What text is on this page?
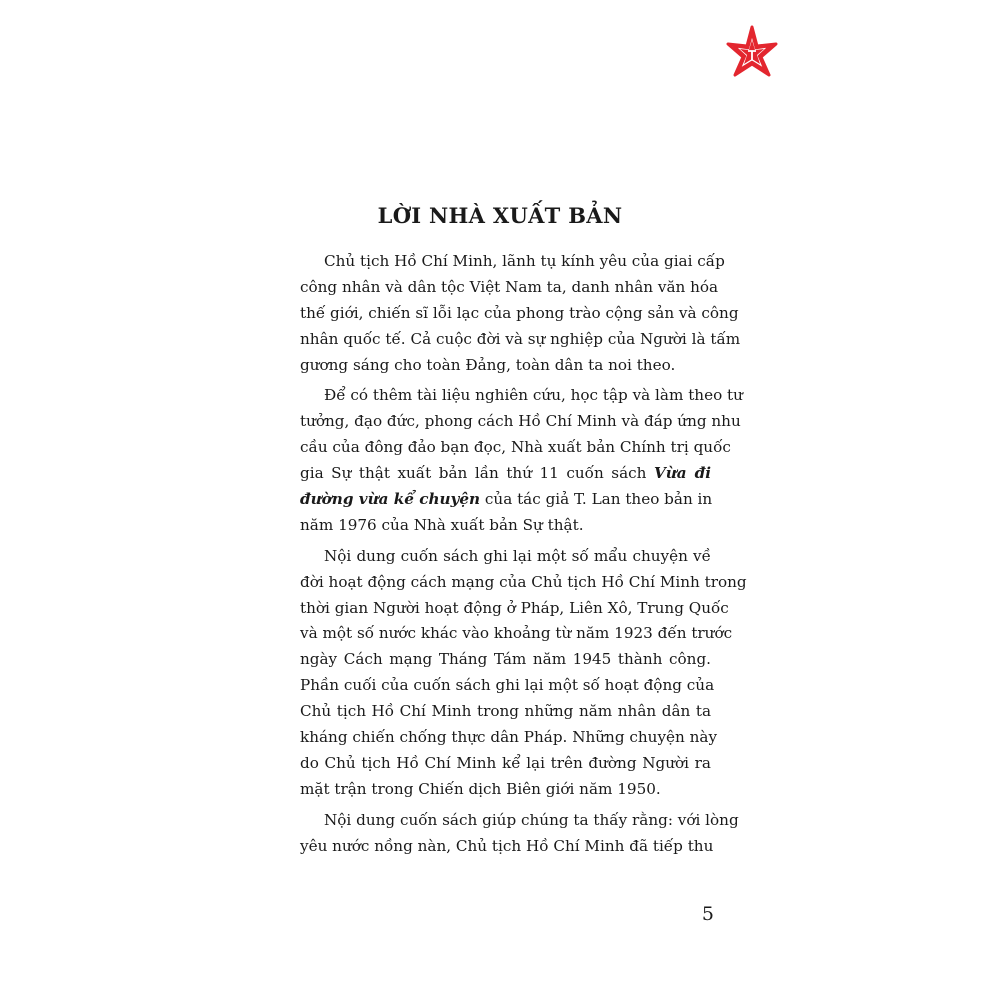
LỜI NHÀ XUẤT BẢN
Chủ tịch Hồ Chí Minh, lãnh tụ kính yêu của giai cấp
công nhân và dân tộc Việt Nam ta, danh nhân văn hóa
thế giới, chiến sĩ lỗi lạc của phong trào cộng sản và công
nhân quốc tế. Cả cuộc đời và sự nghiệp của Người là tấm
gương sáng cho toàn Đảng, toàn dân ta noi theo.
Để có thêm tài liệu nghiên cứu, học tập và làm theo tư
tưởng, đạo đức, phong cách Hồ Chí Minh và đáp ứng nhu
cầu của đông đảo bạn đọc, Nhà xuất bản Chính trị quốc
gia Sự thật xuất bản lần thứ 11 cuốn sách Vừa đi
đường vừa kể chuyện của tác giả T. Lan theo bản in
năm 1976 của Nhà xuất bản Sự thật.
Nội dung cuốn sách ghi lại một số mẩu chuyện về
đời hoạt động cách mạng của Chủ tịch Hồ Chí Minh trong
thời gian Người hoạt động ở Pháp, Liên Xô, Trung Quốc
và một số nước khác vào khoảng từ năm 1923 đến trước
ngày Cách mạng Tháng Tám năm 1945 thành công.
Phần cuối của cuốn sách ghi lại một số hoạt động của
Chủ tịch Hồ Chí Minh trong những năm nhân dân ta
kháng chiến chống thực dân Pháp. Những chuyện này
do Chủ tịch Hồ Chí Minh kể lại trên đường Người ra
mặt trận trong Chiến dịch Biên giới năm 1950.
Nội dung cuốn sách giúp chúng ta thấy rằng: với lòng
yêu nước nồng nàn, Chủ tịch Hồ Chí Minh đã tiếp thu
5
